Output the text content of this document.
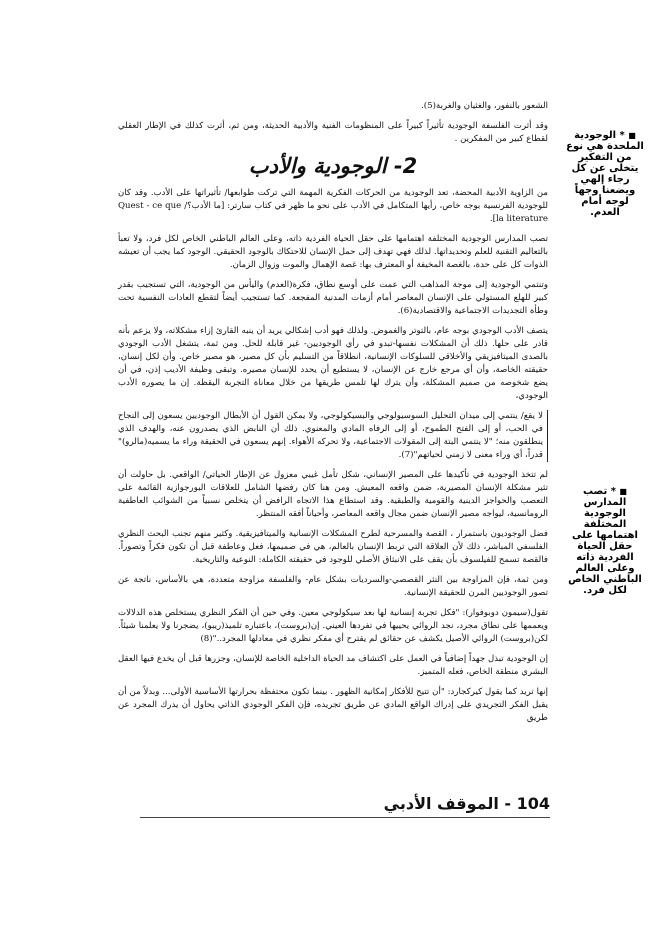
■ * الوجودية الملحدة هي نوع من التفكير يتخلى عن كل رجاء إلهي ويضعنا وجهاً لوجه أمام العدم.
■ * تصب المدارس الوجودية المختلفة اهتمامها على حقل الحياة الفردية ذاته وعلى العالم الباطني الخاص لكل فرد.

الشعور بالنفور، والغثيان والغربة(5).

وقد أثرت الفلسفة الوجودية تأثيراً كبيراً على المنظومات الفنية والأدبية الحديثة، ومن ثم، أثرت كذلك في الإطار العقلي لقطاع كبير من المفكرين .

2- الوجودية والأدب

من الزاوية الأدبية المحضة، تعد الوجودية من الحركات الفكرية المهمة التي تركت طوابعها/ تأثيراتها على الأدب. وقد كان للوجودية الفرنسية بوجه خاص، رأيها المتكامل في الأدب على نحو ما ظهر في كتاب سارتر: [ما الأدب؟/ Quest - ce que la literature].

تصب المدارس الوجودية المختلفة اهتمامها على حقل الحياة الفردية ذاته، وعلى العالم الباطني الخاص لكل فرد، ولا تعبأ بالتعاليم التقنية للعلم وتحديداتها. لذلك فهي تهدف إلى حمل الإنسان للاحتكاك بالوجود الحقيقي. الوجود كما يجب أن تعيشه الذوات كل على حدة، بالغصة المخيفة أو المعترف بها: غصة الإهمال والموت وزوال الزمان.

وتنتمي الوجودية إلى موجة المذاهب التي عمت على أوسع نطاق، فكرة(العدم) واليأس من الوجودية، التي تستجيب بقدر كبير للهلع المستولي على الإنسان المعاصر أمام أزمات المدنية المفجعة. كما تستجيب أيضاً لتقطع العادات النفسية تحت وطأة التجديدات الاجتماعية والاقتصادية(6).

يتصف الأدب الوجودي بوجه عام، بالتوتر والغموض. ولذلك فهو أدب إشكالي يريد أن ينبه القارئ إزاء مشكلاته، ولا يزعم بأنه قادر على حلها. ذلك أن المشكلات نفسها-تبدو في رأي الوجوديين- غير قابلة للحل. ومن ثمة، يتشغل الأدب الوجودي بالصدى الميتافيزيقي والأخلاقي للسلوكات الإنسانية، انطلاقاً من التسليم بأن كل مصير، هو مصير خاص. وأن لكل إنسان، حقيقته الخاصة، وأن أي مرجع خارج عن الإنسان، لا يستطيع أن يحدد للإنسان مصيره. وتبقى وظيفة الأديب إذن، في أن يضع شخوصه من صميم المشكلة، وأن يترك لها تلمس طريقها من خلال معاناة التجربة اليقظة. إن ما يصوره الأدب الوجودي،

لا يقع/ ينتمي إلى ميدان التحليل السوسيولوجي والبسيكولوجي، ولا يمكن القول أن الأبطال الوجوديين يسعون إلى النجاح في الحب، أو إلى الفتح الطموح، أو إلى الرفاه المادي والمعنوي. ذلك أن النابض الذي يصدرون عنه، والهدف الذي ينطلقون منه؛ "لا ينتمي البتة إلى المقولات الاجتماعية، ولا تحركه الأهواء. إنهم يسعون في الحقيقة وراء ما يسميه(مالرو)" قدراً، أي وراء معنى لا زمني لحياتهم"(7).

لم تتخذ الوجودية في تأكيدها على المصير الإنساني، شكل تأمل غيبي معزول عن الإطار الحياتي/ الواقعي. بل حاولت أن تثير مشكلة الإنسان المصيرية، ضمن واقعه المعيش. ومن هنا كان رفضها الشامل للعلاقات البورجوازية القائمة على التعصب والحواجز الدينية والقومية والطبقية. وقد استطاع هذا الاتجاه الرافض أن يتخلص نسبياً من الشوائب العاطفية الرومانسية، ليواجه مصير الإنسان ضمن مجال واقعه المعاصر، وأحياناً أفقه المنتظر.

فضل الوجوديون باستمرار ، القصة والمسرحية لطرح المشكلات الإنسانية والميتافيزيقية. وكثير منهم تجنب البحث النظري الفلسفي المباشر، ذلك لأن العلاقة التي تربط الإنسان بالعالم، هي في صميمها، فعل وعاطفة قبل أن تكون فكراً وتصوراً. فالقصة تسمح للفيلسوف بأن يقف على الانبثاق الأصلي للوجود في حقيقته الكاملة: النوعية والتاريخية.

ومن ثمة، فإن المزاوجة بين النثر القصصي-والسرديات بشكل عام- والفلسفة مزاوجة متعددة، هي بالأساس، ناتجة عن تصور الوجوديين المرن للحقيقة الإنسانية.

تقول(سيمون دوبوفوار): "فكل تجربة إنسانية لها بعد سيكولوجي معين. وفي حين أن الفكر النظري يستخلص هذه الدلالات ويعممها على نطاق مجرد، نجد الروائي يحييها في تفردها العيني. إن(بروست)، باعتباره تلميذ(ريبو)، يضجرنا ولا يعلمنا شيئاً. لكن(بروست) الروائي الأصيل يكشف عن حقائق لم يقترح أي مفكر نظري في معادلها المجرد.."(8)

إن الوجودية تبذل جهداً إضافياً في العمل على اكتشاف مد الحياة الداخلية الخاصة للإنسان، وجزرها قبل أن يخدع فيها العقل البشري منطقة الخاص، فعله المتميز.

إنها تريد كما يقول كيركجارد: "أن تتيح للأفكار إمكانية الظهور . بينما تكون محتفظة بحرارتها الأساسية الأولى... وبدلاً من أن يقبل الفكر التجريدي على إدراك الواقع المادي عن طريق تجريده، فإن الفكر الوجودي الذاتي يحاول أن يدرك المجرد عن طريق

104 - الموقف الأدبي
